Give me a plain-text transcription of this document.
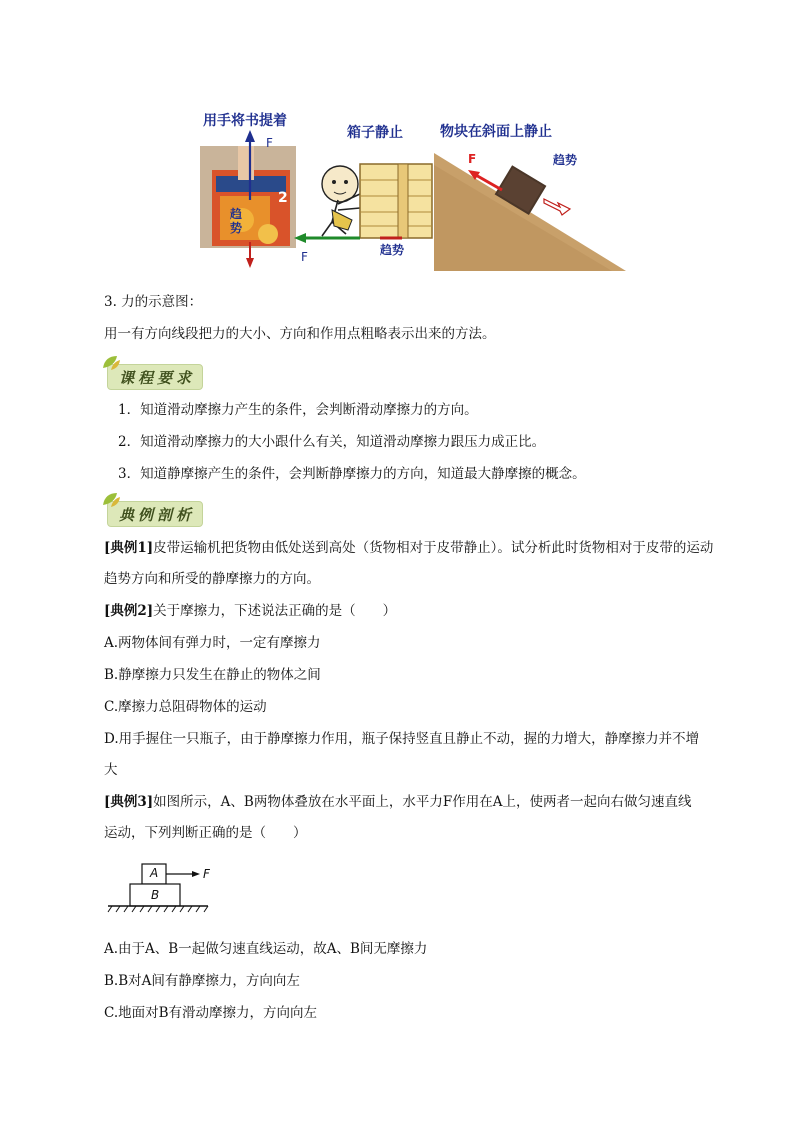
用手将书提着
箱子静止	物块在斜面上静止
2
F
趋势
F	趋势
F	趋势
3. 力的示意图：
用一有方向线段把力的大小、方向和作用点粗略表示出来的方法。
课程要求
1．知道滑动摩擦力产生的条件，会判断滑动摩擦力的方向。
2．知道滑动摩擦力的大小跟什么有关，知道滑动摩擦力跟压力成正比。
3．知道静摩擦产生的条件，会判断静摩擦力的方向，知道最大静摩擦的概念。
典例剖析
[典例1]皮带运输机把货物由低处送到高处（货物相对于皮带静止）。试分析此时货物相对于皮带的运动
趋势方向和所受的静摩擦力的方向。
[典例2]关于摩擦力，下述说法正确的是（　　）
A.两物体间有弹力时，一定有摩擦力
B.静摩擦力只发生在静止的物体之间
C.摩擦力总阻碍物体的运动
D.用手握住一只瓶子，由于静摩擦力作用，瓶子保持竖直且静止不动，握的力增大，静摩擦力并不增
大
[典例3]如图所示，A、B两物体叠放在水平面上，水平力F作用在A上，使两者一起向右做匀速直线
运动，下列判断正确的是（　　）
A
B
F
A.由于A、B一起做匀速直线运动，故A、B间无摩擦力
B.B对A间有静摩擦力，方向向左
C.地面对B有滑动摩擦力，方向向左
